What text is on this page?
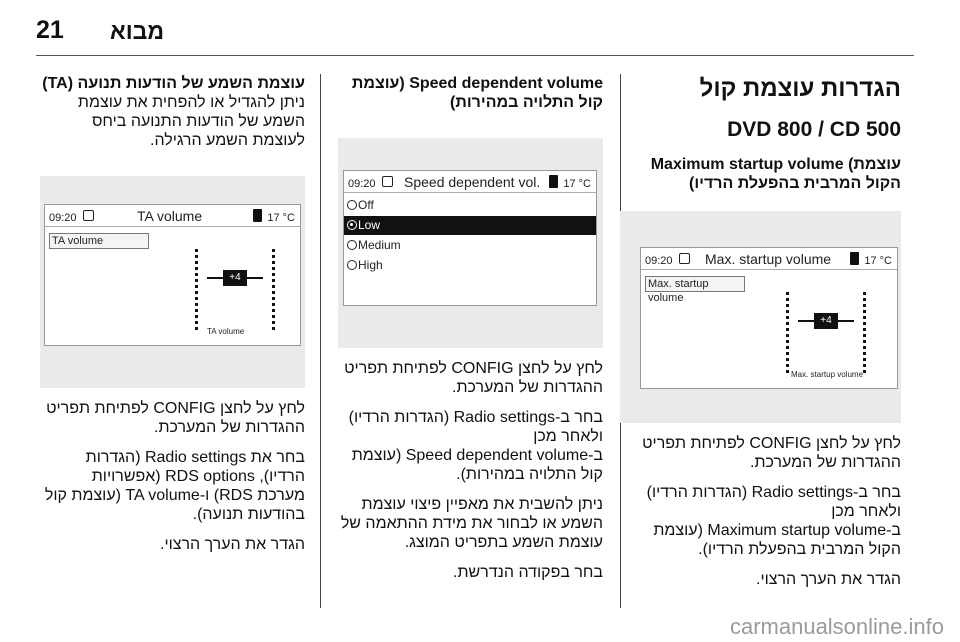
21 מבוא
הגדרות עוצמת קול
DVD 800 / CD 500
עוצמת) Maximum startup volume הקול המרבית בהפעלת הרדיו)
09:20 Max. startup volume	17 °C
Max. startup volume
+4
Max. startup volume

לחץ על לחצן CONFIG לפתיחת תפריט ההגדרות של המערכת.

בחר ב-Radio settings (הגדרות הרדיו) ולאחר מכן

ב-Maximum startup volume (עוצמת הקול המרבית בהפעלת הרדיו).

הגדר את הערך הרצוי.

Speed dependent volume (עוצמת קול התלויה במהירות)
09:20 Speed dependent vol. 17 °C
Off
Low
Medium
High

לחץ על לחצן CONFIG לפתיחת תפריט ההגדרות של המערכת.

בחר ב-Radio settings (הגדרות הרדיו) ולאחר מכן

ב-Speed dependent volume (עוצמת קול התלויה במהירות).

ניתן להשבית את מאפיין פיצוי עוצמת השמע או לבחור את מידת ההתאמה של עוצמת השמע בתפריט המוצג.

בחר בפקודה הנדרשת.

עוצמת השמע של הודעות תנועה (TA)

ניתן להגדיל או להפחית את עוצמת השמע של הודעות התנועה ביחס לעוצמת השמע הרגילה.

09:20	TA volume	17 °C
TA volume
+4
TA volume

לחץ על לחצן CONFIG לפתיחת תפריט ההגדרות של המערכת.

בחר את Radio settings (הגדרות הרדיו), RDS options (אפשרויות מערכת RDS) ו-TA volume (עוצמת קול בהודעות תנועה).

הגדר את הערך הרצוי.

carmanualsonline.info
